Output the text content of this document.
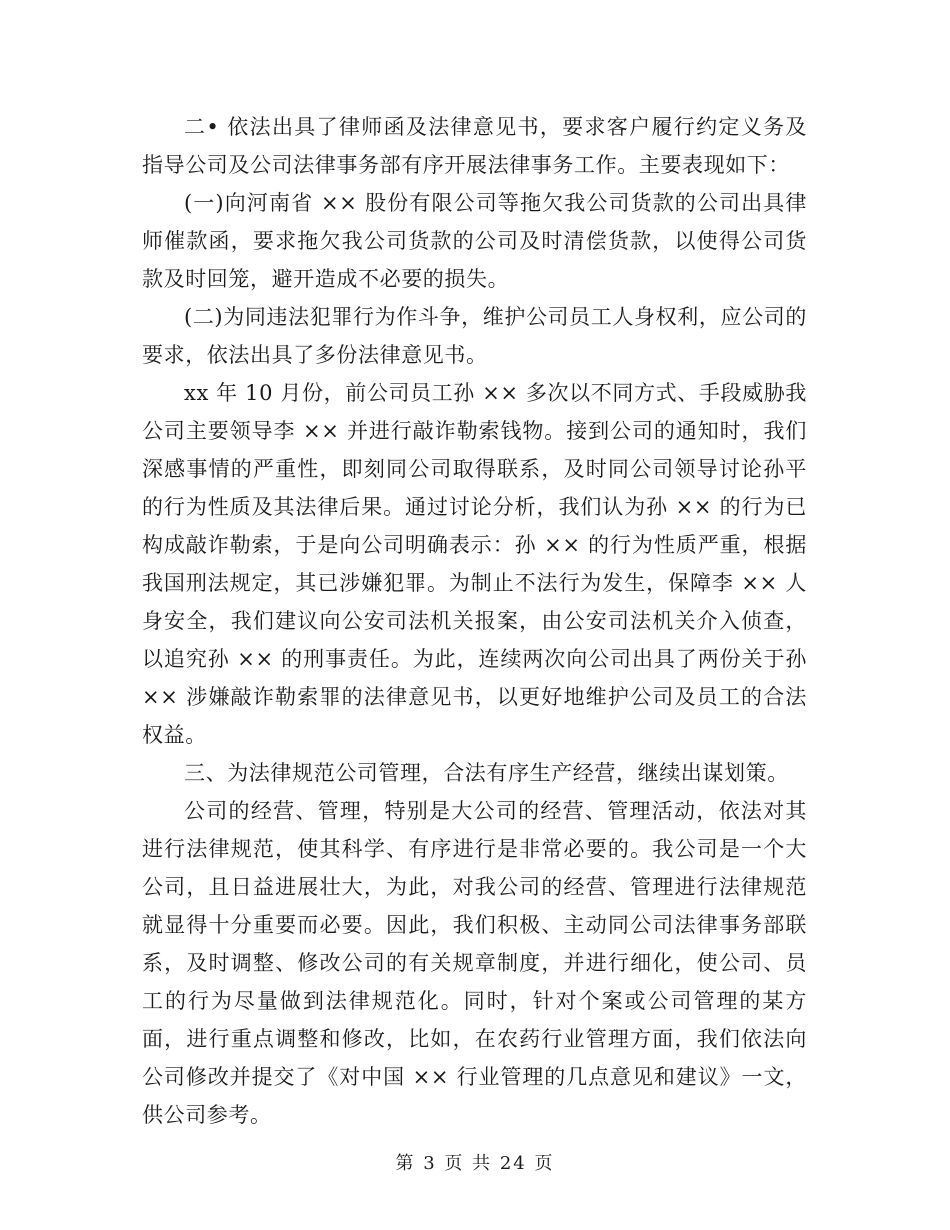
二• 依法出具了律师函及法律意见书，要求客户履行约定义务及指导公司及公司法律事务部有序开展法律事务工作。主要表现如下：

(一)向河南省 ×× 股份有限公司等拖欠我公司货款的公司出具律师催款函，要求拖欠我公司货款的公司及时清偿货款，以使得公司货款及时回笼，避开造成不必要的损失。

(二)为同违法犯罪行为作斗争，维护公司员工人身权利，应公司的要求，依法出具了多份法律意见书。

xx 年 10 月份，前公司员工孙 ×× 多次以不同方式、手段威胁我公司主要领导李 ×× 并进行敲诈勒索钱物。接到公司的通知时，我们深感事情的严重性，即刻同公司取得联系，及时同公司领导讨论孙平的行为性质及其法律后果。通过讨论分析，我们认为孙 ×× 的行为已构成敲诈勒索，于是向公司明确表示：孙 ×× 的行为性质严重，根据我国刑法规定，其已涉嫌犯罪。为制止不法行为发生，保障李 ×× 人身安全，我们建议向公安司法机关报案，由公安司法机关介入侦查，以追究孙 ×× 的刑事责任。为此，连续两次向公司出具了两份关于孙 ×× 涉嫌敲诈勒索罪的法律意见书，以更好地维护公司及员工的合法权益。

三、为法律规范公司管理，合法有序生产经营，继续出谋划策。

公司的经营、管理，特别是大公司的经营、管理活动，依法对其进行法律规范，使其科学、有序进行是非常必要的。我公司是一个大公司，且日益进展壮大，为此，对我公司的经营、管理进行法律规范就显得十分重要而必要。因此，我们积极、主动同公司法律事务部联系，及时调整、修改公司的有关规章制度，并进行细化，使公司、员工的行为尽量做到法律规范化。同时，针对个案或公司管理的某方面，进行重点调整和修改，比如，在农药行业管理方面，我们依法向公司修改并提交了《对中国 ×× 行业管理的几点意见和建议》一文，供公司参考。

第 3 页 共 24 页
